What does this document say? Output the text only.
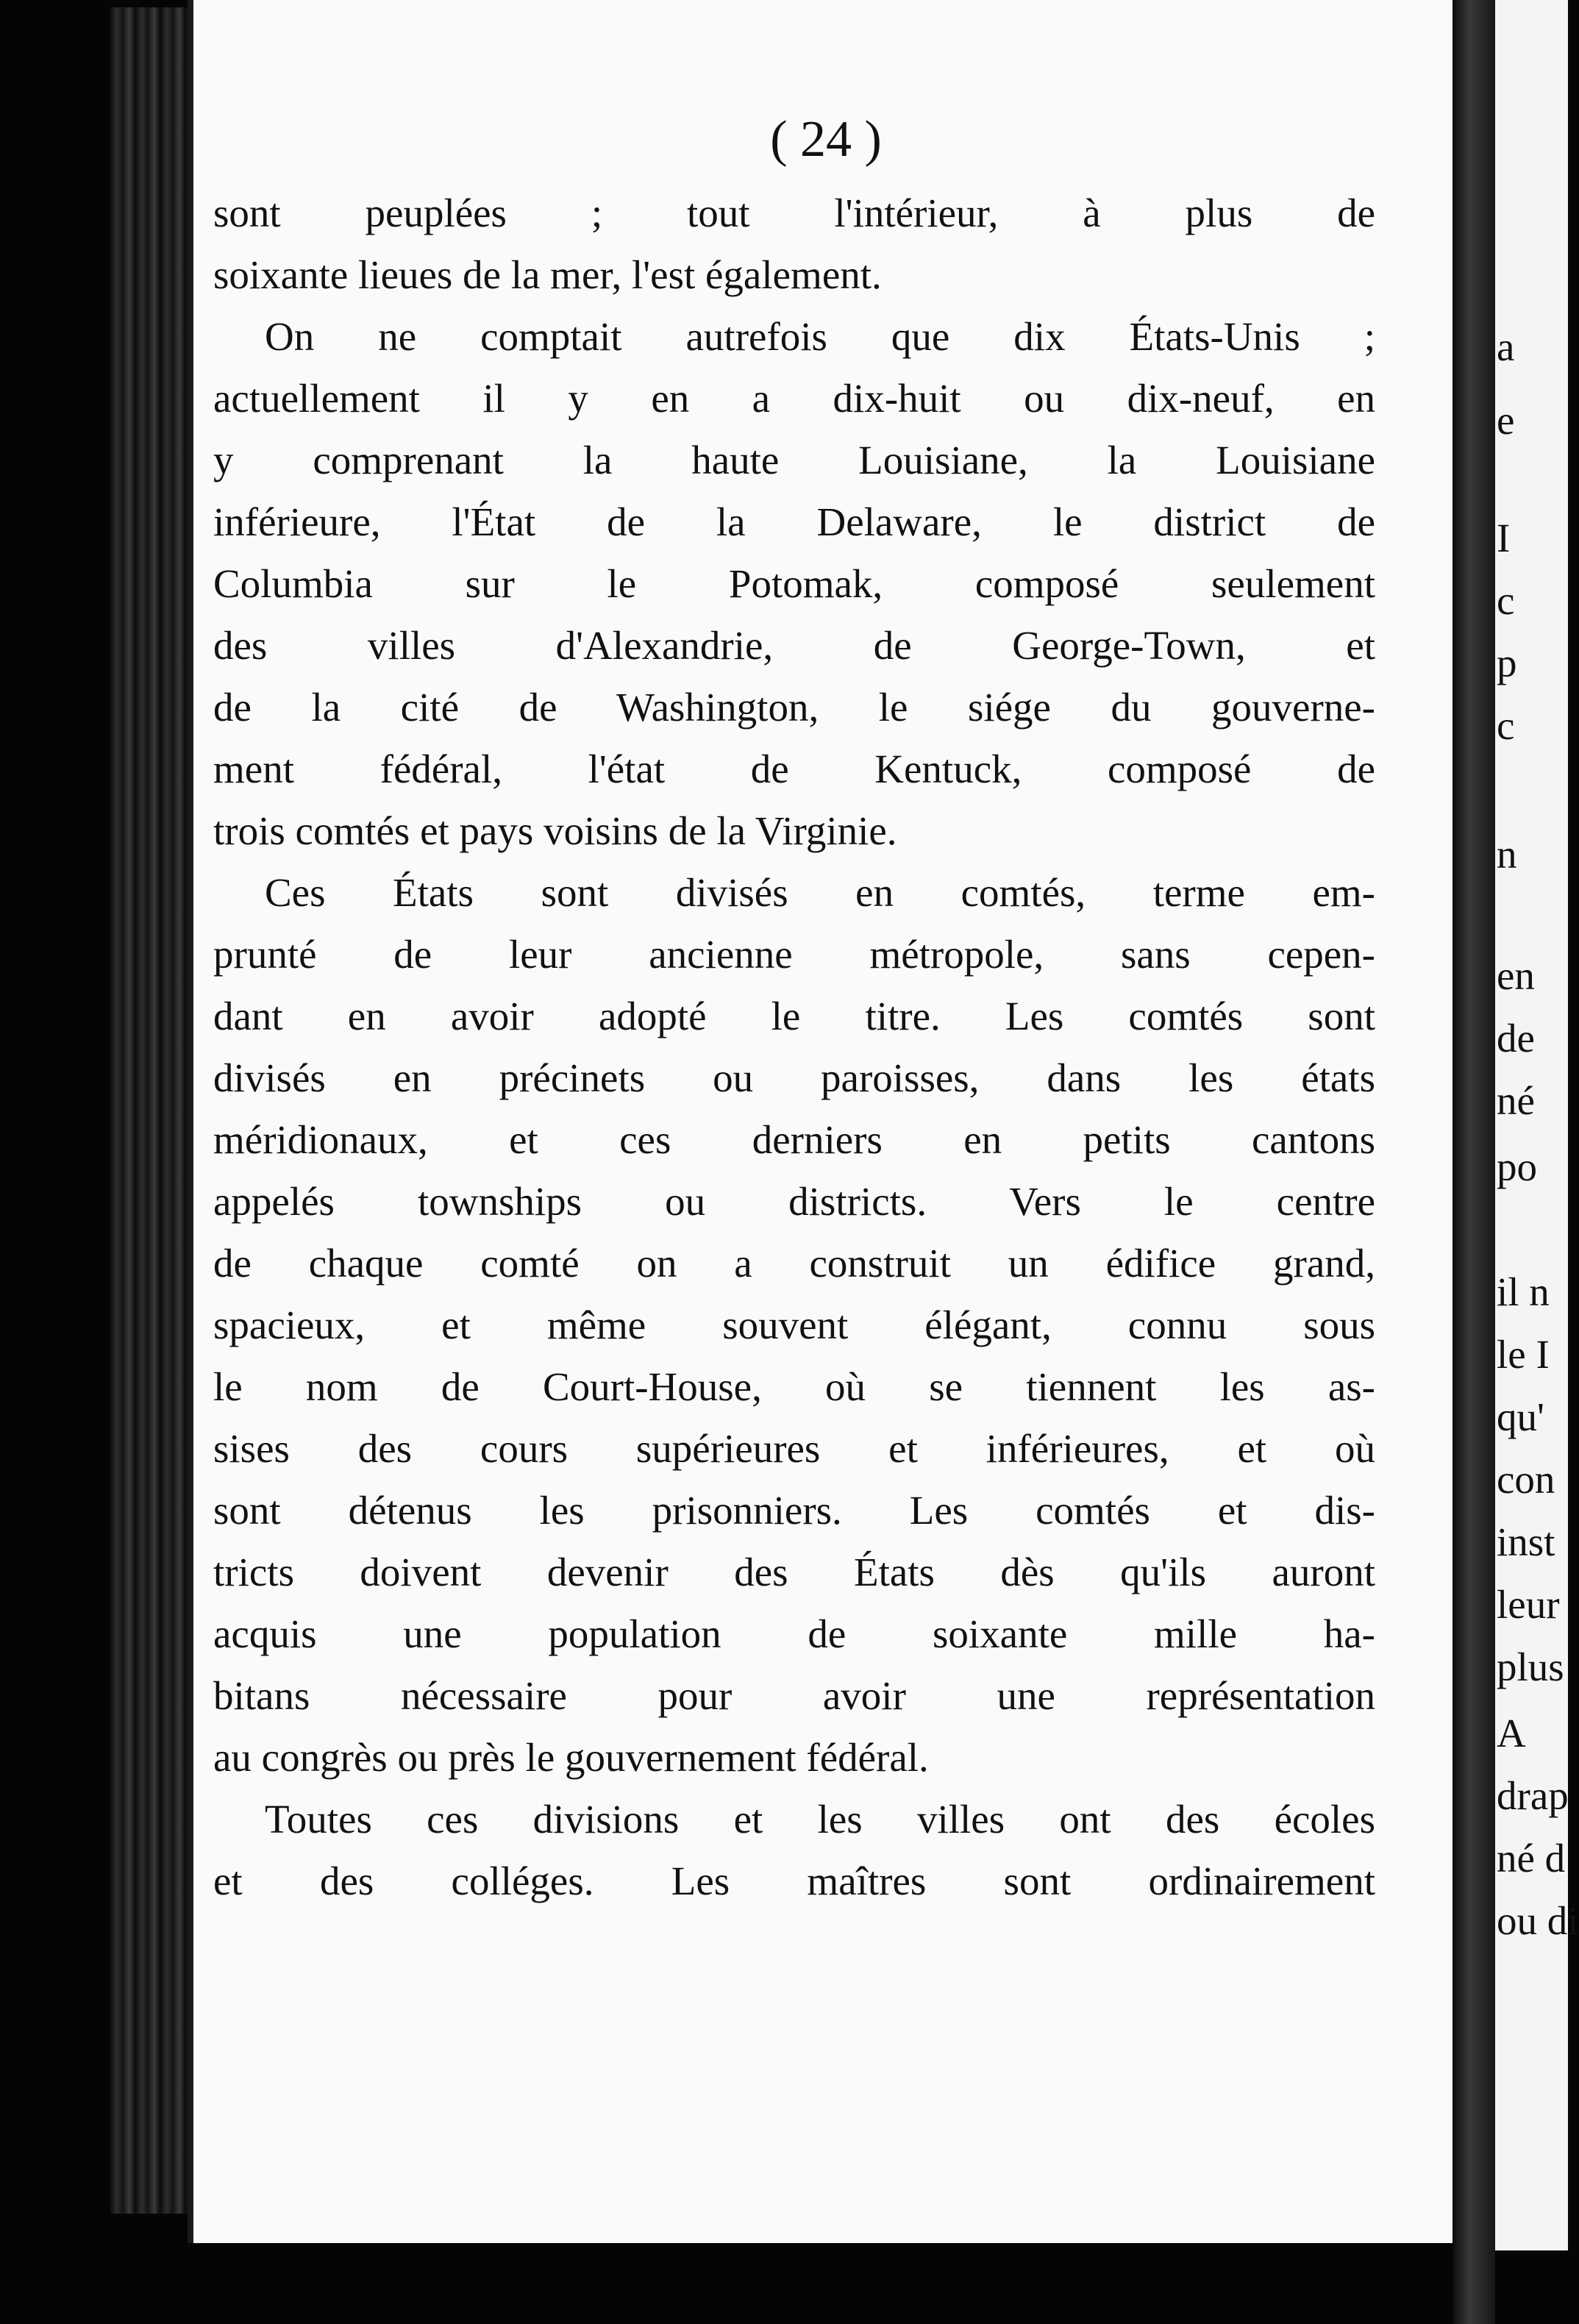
( 24 )
sont peuplées ; tout l'intérieur, à plus de
soixante lieues de la mer, l'est également.
On ne comptait autrefois que dix États-Unis ;
actuellement il y en a dix-huit ou dix-neuf, en
y comprenant la haute Louisiane, la Louisiane
inférieure, l'État de la Delaware, le district de
Columbia sur le Potomak, composé seulement
des villes d'Alexandrie, de George-Town, et
de la cité de Washington, le siége du gouverne-
ment fédéral, l'état de Kentuck, composé de
trois comtés et pays voisins de la Virginie.
Ces États sont divisés en comtés, terme em-
prunté de leur ancienne métropole, sans cepen-
dant en avoir adopté le titre. Les comtés sont
divisés en précinets ou paroisses, dans les états
méridionaux, et ces derniers en petits cantons
appelés townships ou districts. Vers le centre
de chaque comté on a construit un édifice grand,
spacieux, et même souvent élégant, connu sous
le nom de Court-House, où se tiennent les as-
sises des cours supérieures et inférieures, et où
sont détenus les prisonniers. Les comtés et dis-
tricts doivent devenir des États dès qu'ils auront
acquis une population de soixante mille ha-
bitans nécessaire pour avoir une représentation
au congrès ou près le gouvernement fédéral.
Toutes ces divisions et les villes ont des écoles
et des colléges. Les maîtres sont ordinairement
a
e
I
c
p
c
n
en
de
né
po
il n
le I
qu'
con
inst
leur
plus
A
drap
né d
ou di
